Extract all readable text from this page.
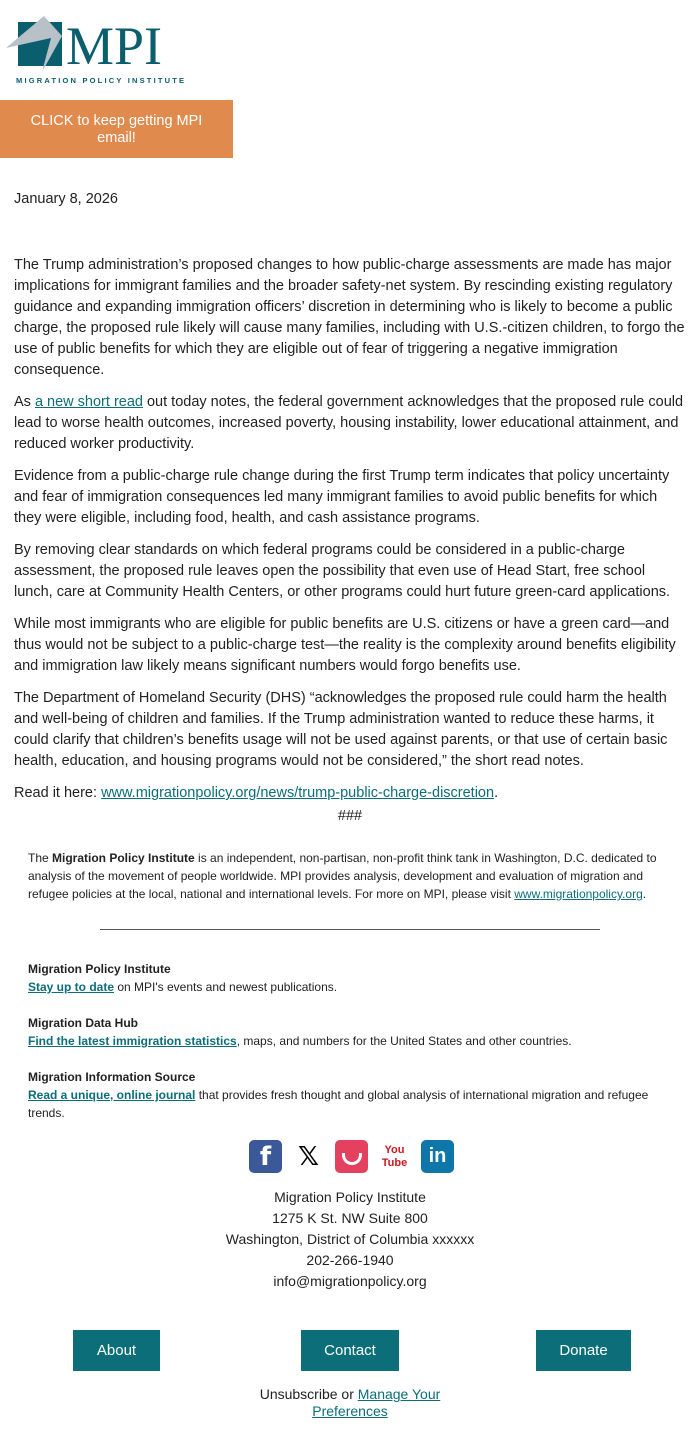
MPI
MIGRATION POLICY INSTITUTE
CLICK to keep getting MPI email!
January 8, 2026

The Trump administration’s proposed changes to how public-charge assessments are made has major implications for immigrant families and the broader safety-net system. By rescinding existing regulatory guidance and expanding immigration officers’ discretion in determining who is likely to become a public charge, the proposed rule likely will cause many families, including with U.S.-citizen children, to forgo the use of public benefits for which they are eligible out of fear of triggering a negative immigration consequence.

As a new short read out today notes, the federal government acknowledges that the proposed rule could lead to worse health outcomes, increased poverty, housing instability, lower educational attainment, and reduced worker productivity.

Evidence from a public-charge rule change during the first Trump term indicates that policy uncertainty and fear of immigration consequences led many immigrant families to avoid public benefits for which they were eligible, including food, health, and cash assistance programs.

By removing clear standards on which federal programs could be considered in a public-charge assessment, the proposed rule leaves open the possibility that even use of Head Start, free school lunch, care at Community Health Centers, or other programs could hurt future green-card applications.

While most immigrants who are eligible for public benefits are U.S. citizens or have a green card—and thus would not be subject to a public-charge test—the reality is the complexity around benefits eligibility and immigration law likely means significant numbers would forgo benefits use.

The Department of Homeland Security (DHS) “acknowledges the proposed rule could harm the health and well-being of children and families. If the Trump administration wanted to reduce these harms, it could clarify that children’s benefits usage will not be used against parents, or that use of certain basic health, education, and housing programs would not be considered,” the short read notes.

Read it here: www.migrationpolicy.org/news/trump-public-charge-discretion.

###
The Migration Policy Institute is an independent, non-partisan, non-profit think tank in Washington, D.C. dedicated to analysis of the movement of people worldwide. MPI provides analysis, development and evaluation of migration and refugee policies at the local, national and international levels. For more on MPI, please visit www.migrationpolicy.org.
Migration Policy Institute
Stay up to date on MPI's events and newest publications.
Migration Data Hub
Find the latest immigration statistics, maps, and numbers for the United States and other countries.
Migration Information Source
Read a unique, online journal that provides fresh thought and global analysis of international migration and refugee trends.
f	𝕏	You Tube	in
Migration Policy Institute
1275 K St. NW Suite 800
Washington, District of Columbia xxxxxx
202-266-1940
info@migrationpolicy.org
About	Contact	Donate
Unsubscribe or Manage Your Preferences
